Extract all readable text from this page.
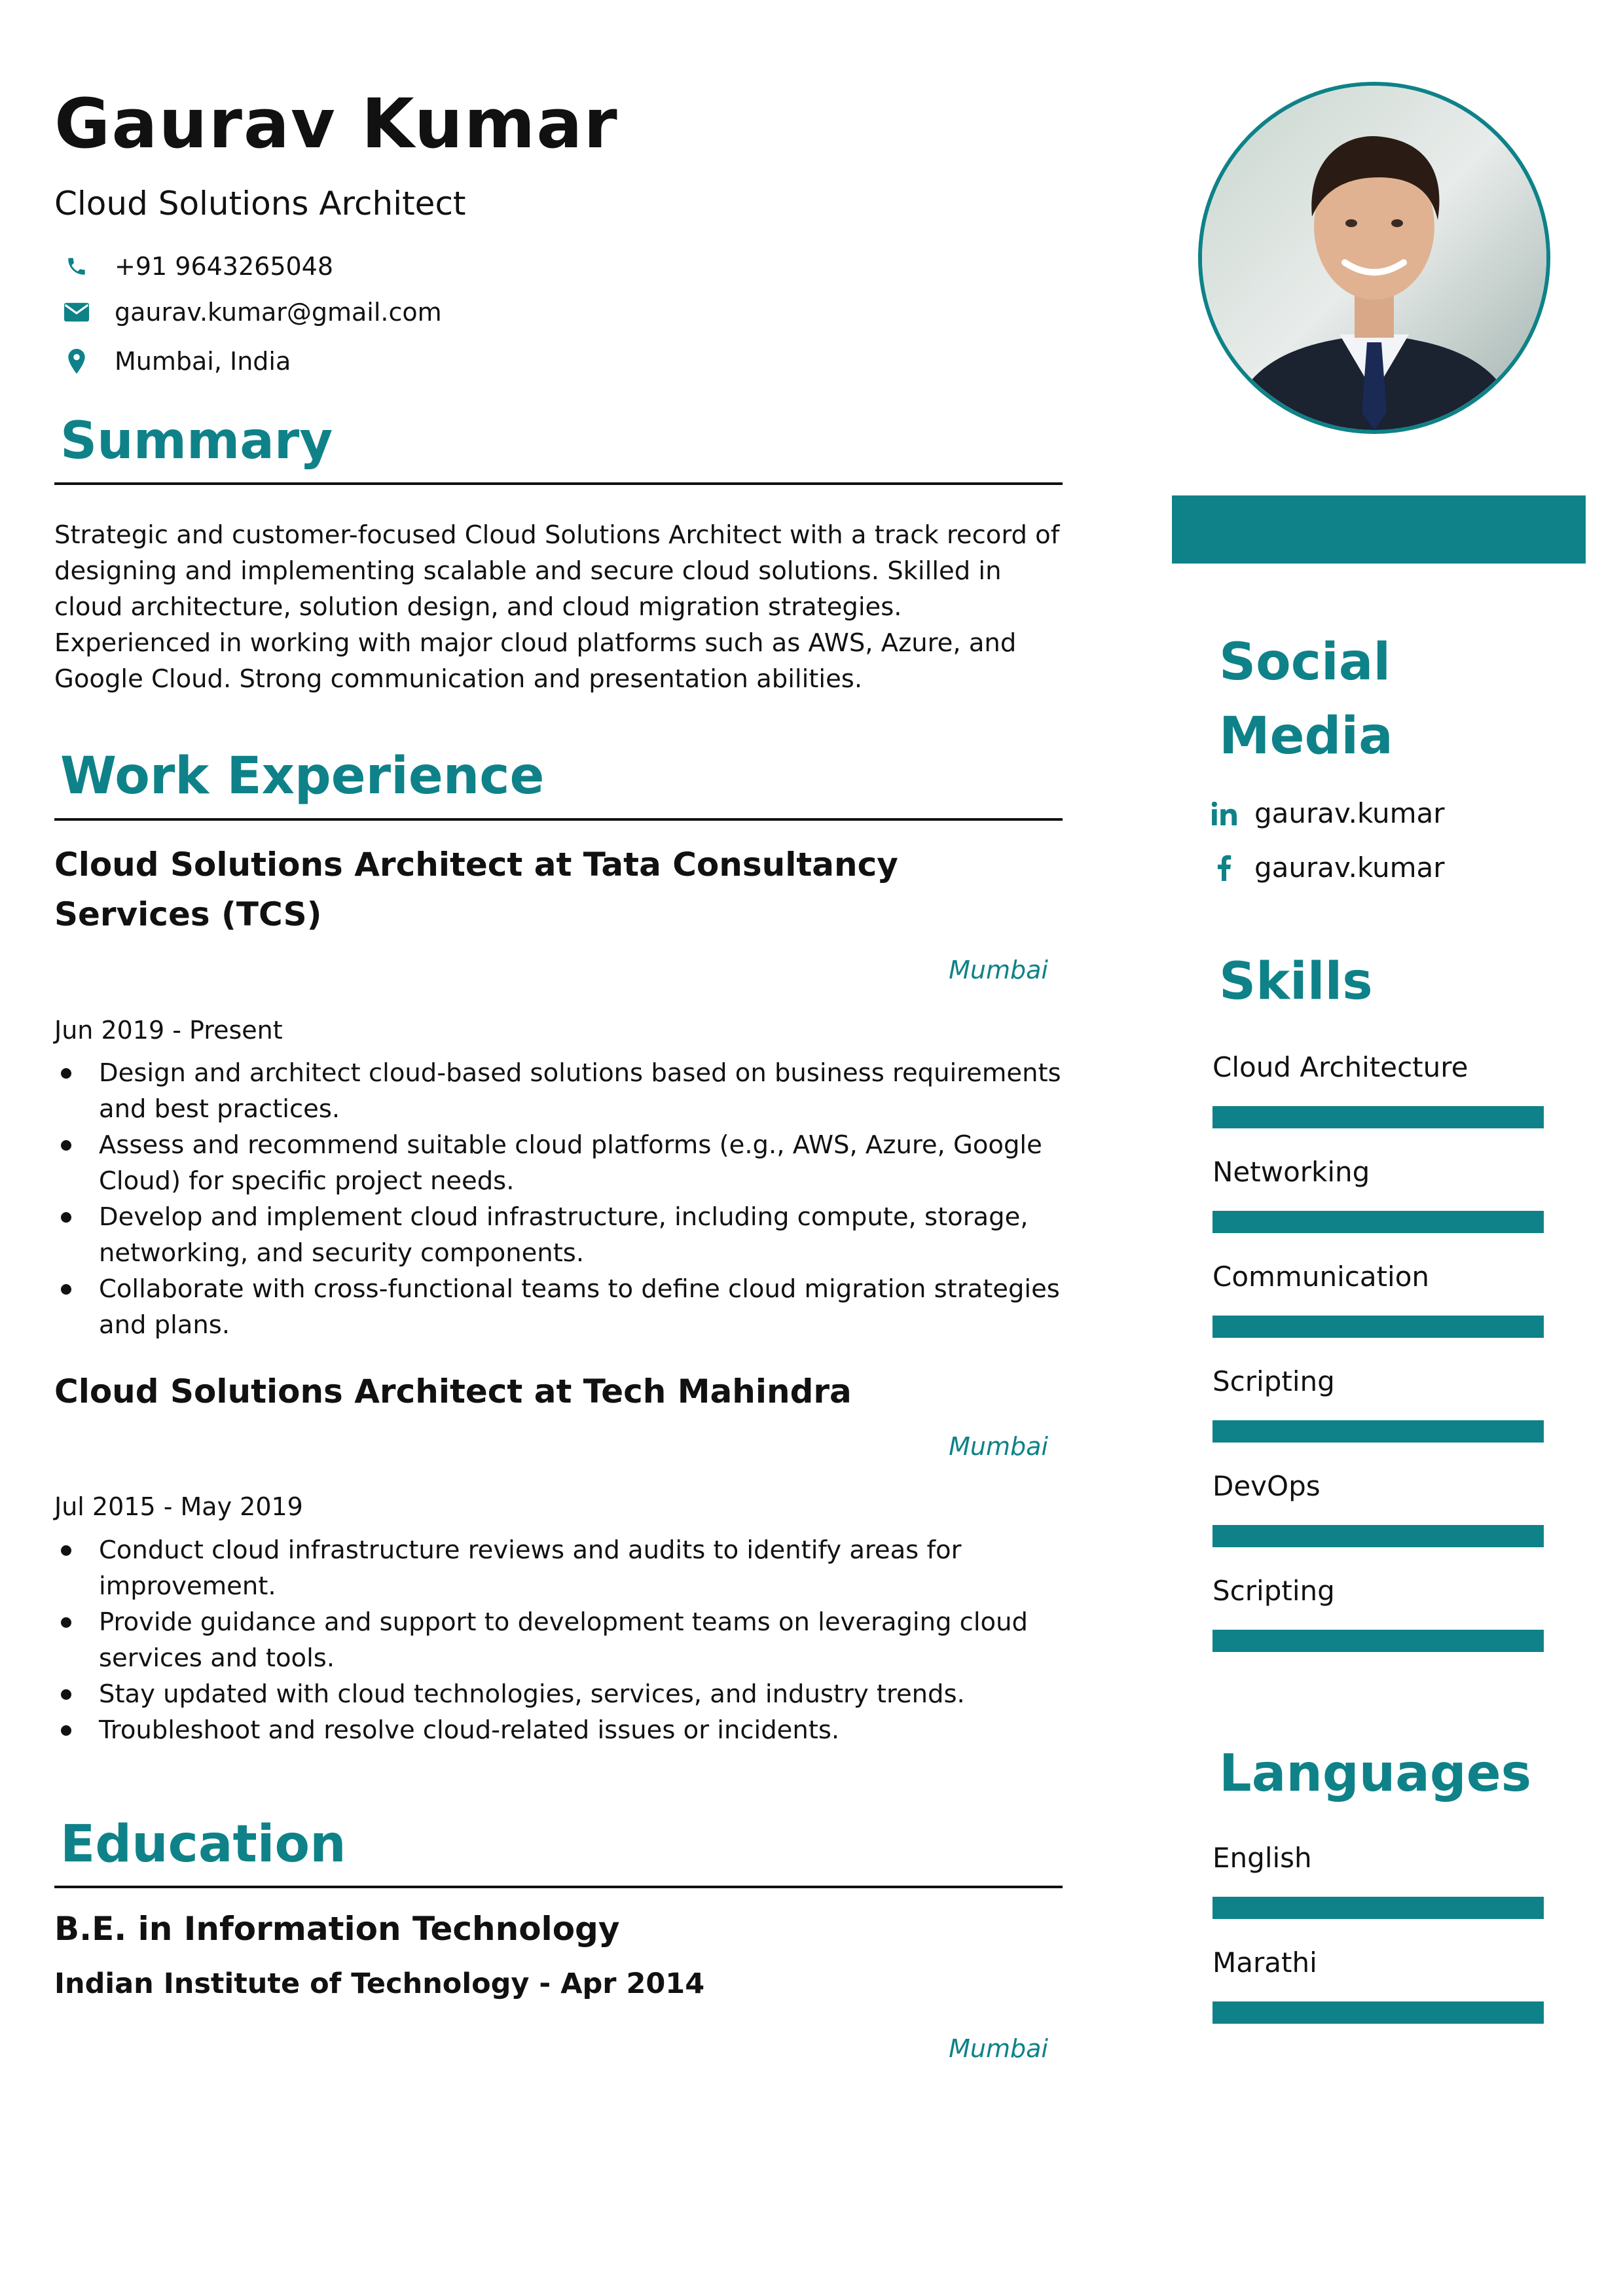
Gaurav Kumar
Cloud Solutions Architect
+91 9643265048
gaurav.kumar@gmail.com
Mumbai, India
Summary

Strategic and customer-focused Cloud Solutions Architect with a track record of designing and implementing scalable and secure cloud solutions. Skilled in cloud architecture, solution design, and cloud migration strategies. Experienced in working with major cloud platforms such as AWS, Azure, and Google Cloud. Strong communication and presentation abilities.

Work Experience
Cloud Solutions Architect at Tata Consultancy Services (TCS)
Mumbai
Jun 2019 - Present
Design and architect cloud-based solutions based on business requirements and best practices.
Assess and recommend suitable cloud platforms (e.g., AWS, Azure, Google Cloud) for specific project needs.
Develop and implement cloud infrastructure, including compute, storage, networking, and security components.
Collaborate with cross-functional teams to define cloud migration strategies and plans.
Cloud Solutions Architect at Tech Mahindra
Mumbai
Jul 2015 - May 2019
Conduct cloud infrastructure reviews and audits to identify areas for improvement.
Provide guidance and support to development teams on leveraging cloud services and tools.
Stay updated with cloud technologies, services, and industry trends.
Troubleshoot and resolve cloud-related issues or incidents.
Education
B.E. in Information Technology
Indian Institute of Technology - Apr 2014
Mumbai
Social
Media
gaurav.kumar
gaurav.kumar
Skills
Cloud Architecture
Networking
Communication
Scripting
DevOps
Scripting
Languages
English
Marathi
